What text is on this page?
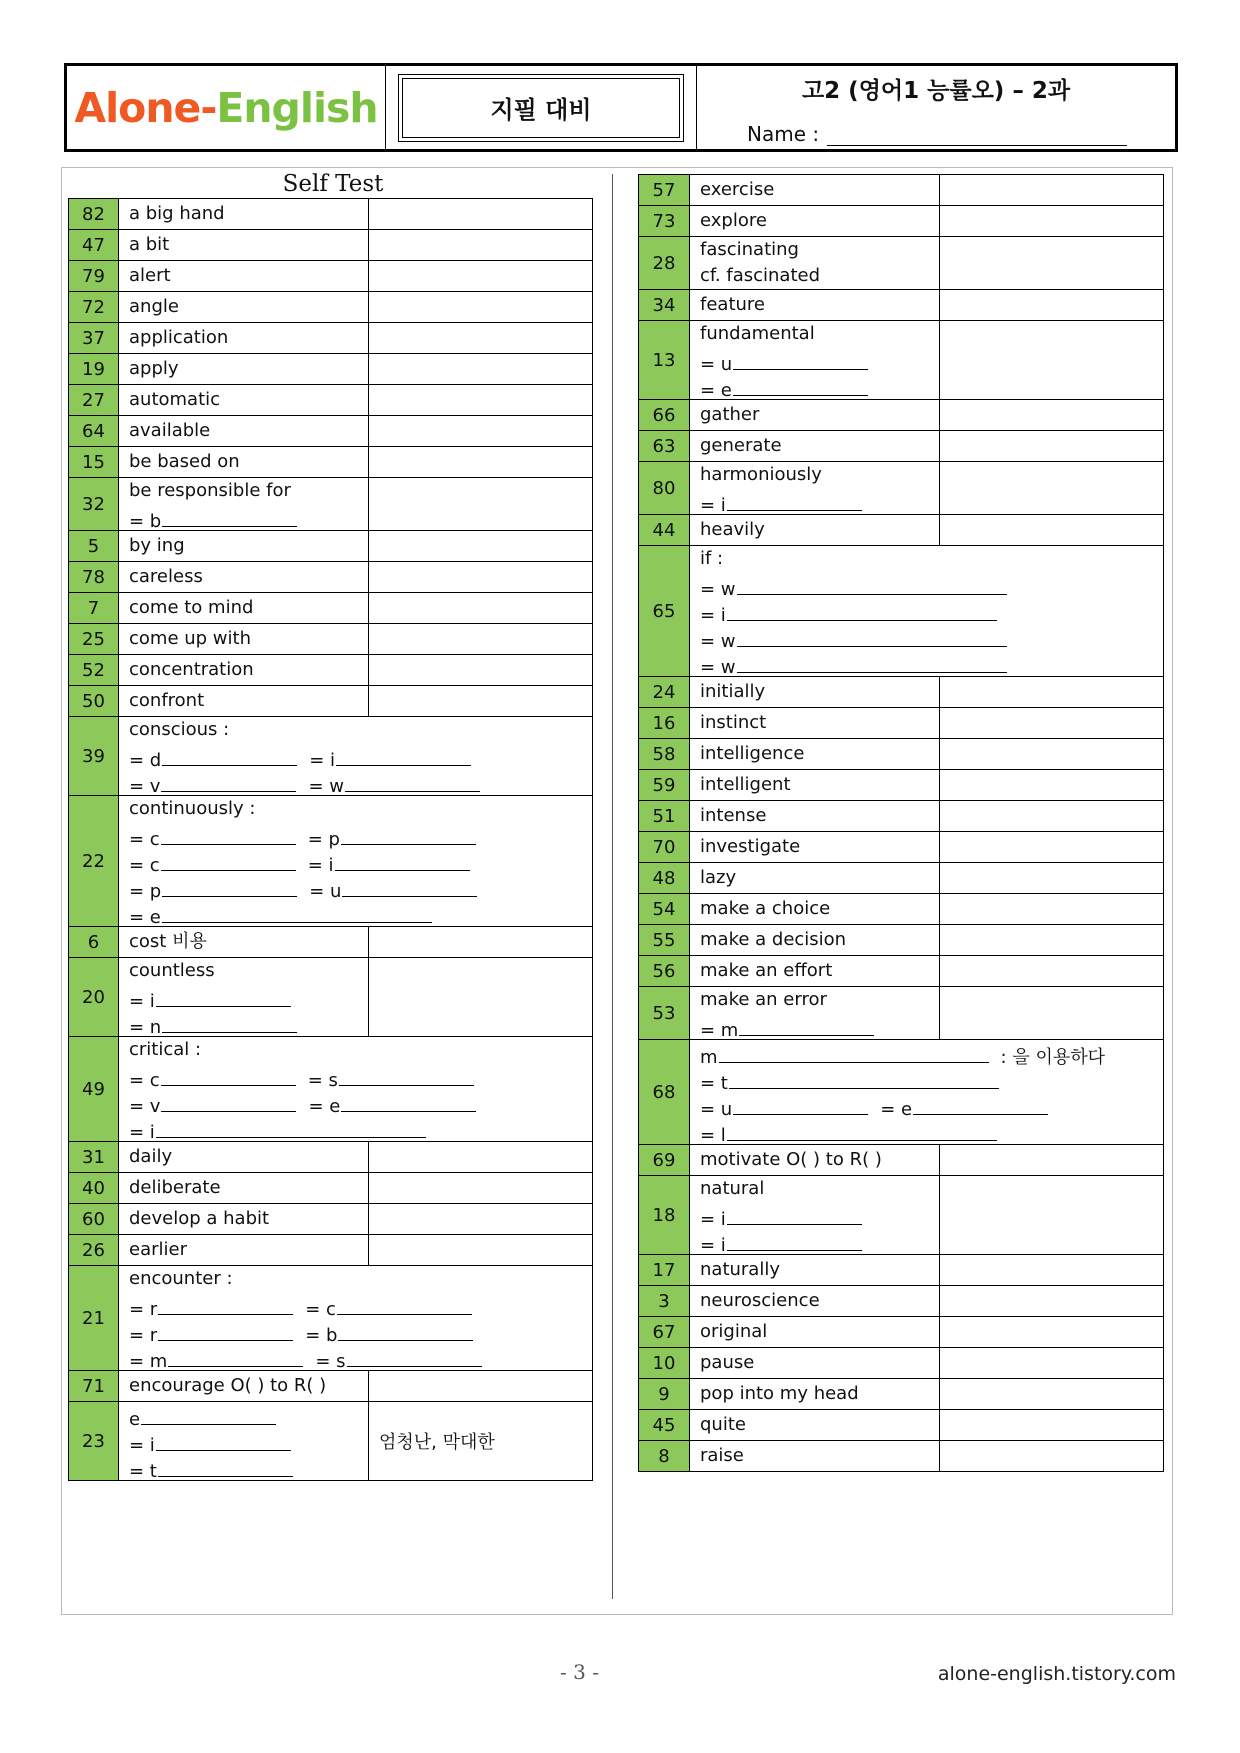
Alone - English	지필 대비
고2 (영어1 능률오) – 2과
Name :
Self Test
82	a big hand	

47	a bit	

79	alert	

72	angle	

37	application	

19	apply	

27	automatic	

64	available	

15	be based on	

32	be responsible for
= b	

5	by ing	

78	careless	

7	come to mind	

25	come up with	

52	concentration	

50	confront	

39	conscious :
= d = i
= v = w	

22	continuously :
= c = p
= c = i
= p = u
= e	

6	cost 비용	

20	countless
= i
= n	

49	critical :
= c = s
= v = e
= i	

31	daily	

40	deliberate	

60	develop a habit	

26	earlier	

21	encounter :
= r = c
= r = b
= m = s	

71	encourage O( ) to R( )	

23	e
= i
= t	엄청난, 막대한
57	exercise	

73	explore	

28	fascinating
cf. fascinated	

34	feature	

13	fundamental
= u
= e	

66	gather	

63	generate	

80	harmoniously
= i	

44	heavily	

65	if :
= w
= i
= w
= w	

24	initially	

16	instinct	

58	intelligence	

59	intelligent	

51	intense	

70	investigate	

48	lazy	

54	make a choice	

55	make a decision	

56	make an effort	

53	make an error
= m	

68	m : 을 이용하다
= t
= u = e
= l	

69	motivate O( ) to R( )	

18	natural
= i
= i	

17	naturally	

3	neuroscience	

67	original	

10	pause	

9	pop into my head	

45	quite	

8	raise	

- 3 -	alone-english.tistory.com
